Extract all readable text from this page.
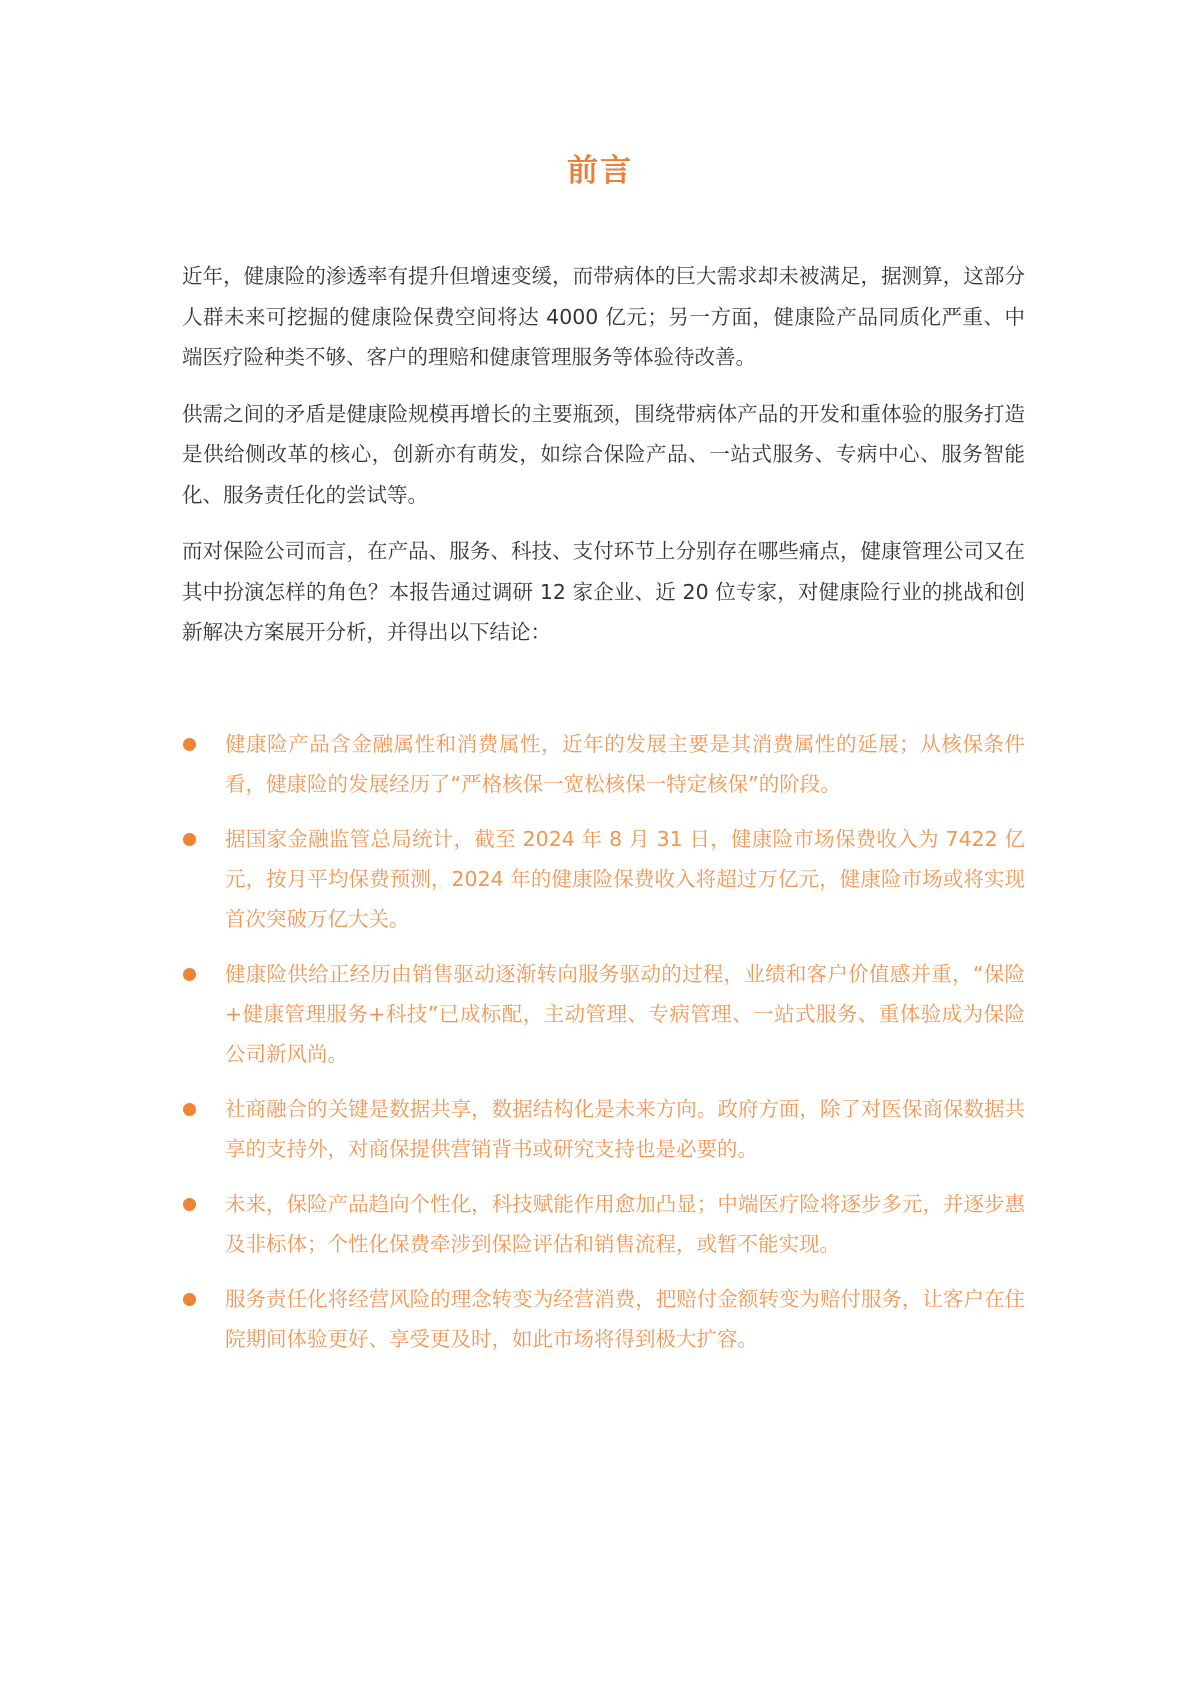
前言

近年，健康险的渗透率有提升但增速变缓，而带病体的巨大需求却未被满足，据测算，这部分人群未来可挖掘的健康险保费空间将达 4000 亿元；另一方面，健康险产品同质化严重、中端医疗险种类不够、客户的理赔和健康管理服务等体验待改善。

供需之间的矛盾是健康险规模再增长的主要瓶颈，围绕带病体产品的开发和重体验的服务打造是供给侧改革的核心，创新亦有萌发，如综合保险产品、一站式服务、专病中心、服务智能化、服务责任化的尝试等。

而对保险公司而言，在产品、服务、科技、支付环节上分别存在哪些痛点，健康管理公司又在其中扮演怎样的角色？本报告通过调研 12 家企业、近 20 位专家，对健康险行业的挑战和创新解决方案展开分析，并得出以下结论：

健康险产品含金融属性和消费属性，近年的发展主要是其消费属性的延展；从核保条件看，健康险的发展经历了“严格核保一宽松核保一特定核保”的阶段。
据国家金融监管总局统计，截至 2024 年 8 月 31 日，健康险市场保费收入为 7422 亿元，按月平均保费预测，2024 年的健康险保费收入将超过万亿元，健康险市场或将实现首次突破万亿大关。
健康险供给正经历由销售驱动逐渐转向服务驱动的过程，业绩和客户价值感并重，“保险+健康管理服务+科技”已成标配，主动管理、专病管理、一站式服务、重体验成为保险公司新风尚。
社商融合的关键是数据共享，数据结构化是未来方向。政府方面，除了对医保商保数据共享的支持外，对商保提供营销背书或研究支持也是必要的。
未来，保险产品趋向个性化，科技赋能作用愈加凸显；中端医疗险将逐步多元，并逐步惠及非标体；个性化保费牵涉到保险评估和销售流程，或暂不能实现。
服务责任化将经营风险的理念转变为经营消费，把赔付金额转变为赔付服务，让客户在住院期间体验更好、享受更及时，如此市场将得到极大扩容。
